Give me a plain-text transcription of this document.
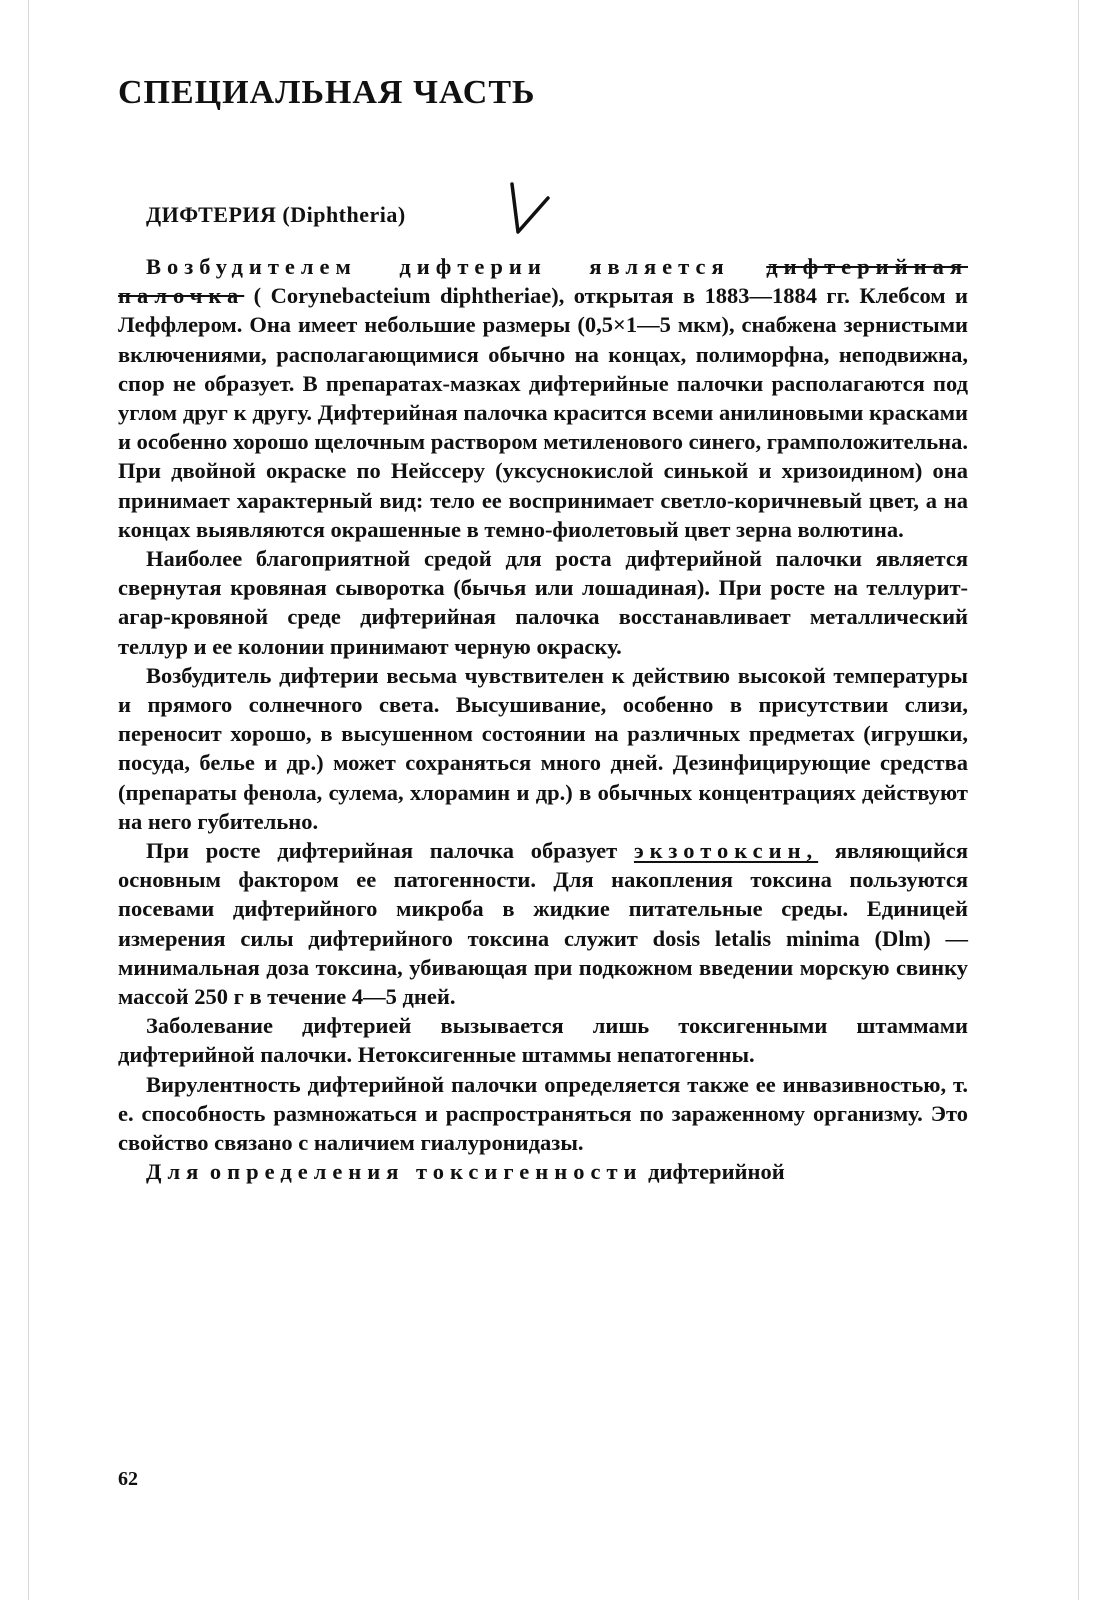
СПЕЦИАЛЬНАЯ ЧАСТЬ
ДИФТЕРИЯ (Diphtheria)

Возбудителем дифтерии является дифтерийная палочка ( Corynebacteium diphtheriae), открытая в 1883—1884 гг. Клебсом и Леффлером. Она имеет небольшие размеры (0,5×1—5 мкм), снабжена зернистыми включениями, располагающимися обычно на концах, полиморфна, неподвижна, спор не образует. В препаратах-мазках дифтерийные палочки располагаются под углом друг к другу. Дифтерийная палочка красится всеми анилиновыми красками и особенно хорошо щелочным раствором метиленового синего, грамположительна. При двойной окраске по Нейссеру (уксуснокислой синькой и хризоидином) она принимает характерный вид: тело ее воспринимает светло-коричневый цвет, а на концах выявляются окрашенные в темно-фиолетовый цвет зерна волютина.

Наиболее благоприятной средой для роста дифтерийной палочки является свернутая кровяная сыворотка (бычья или лошадиная). При росте на теллурит-агар-кровяной среде дифтерийная палочка восстанавливает металлический теллур и ее колонии принимают черную окраску.

Возбудитель дифтерии весьма чувствителен к действию высокой температуры и прямого солнечного света. Высушивание, особенно в присутствии слизи, переносит хорошо, в высушенном состоянии на различных предметах (игрушки, посуда, белье и др.) может сохраняться много дней. Дезинфицирующие средства (препараты фенола, сулема, хлорамин и др.) в обычных концентрациях действуют на него губительно.

При росте дифтерийная палочка образует экзотоксин, являющийся основным фактором ее патогенности. Для накопления токсина пользуются посевами дифтерийного микроба в жидкие питательные среды. Единицей измерения силы дифтерийного токсина служит dosis letalis minima (Dlm) — минимальная доза токсина, убивающая при подкожном введении морскую свинку массой 250 г в течение 4—5 дней.

Заболевание дифтерией вызывается лишь токсигенными штаммами дифтерийной палочки. Нетоксигенные штаммы непатогенны.

Вирулентность дифтерийной палочки определяется также ее инвазивностью, т. е. способность размножаться и распространяться по зараженному организму. Это свойство связано с наличием гиалуронидазы.

Для определения токсигенности дифтерийной

62
